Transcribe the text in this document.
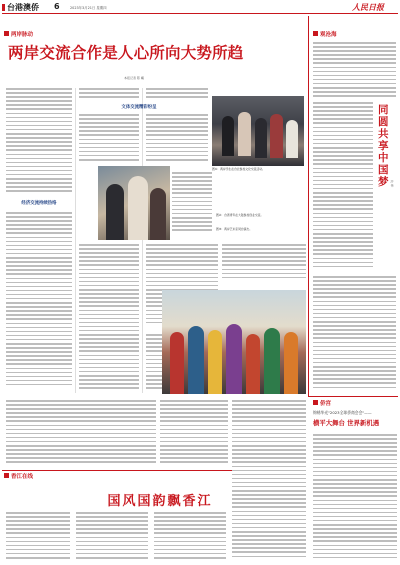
台港澳侨 6	2023年3月21日 星期四	人民日报
两岸脉动
两岸交流合作是人心所向大势所趋
本报记者 陈 曦
经济交流持续热络
文体交流精彩纷呈
图①：两岸学生在台北参加文化交流活动。
图②：台湾青年在大陆参加创业交流。
图③：两岸艺术家同台演出。
观沧海
同圆共享中国梦 沙 伟
侨宫
锦绣华光"2023全球侨商会会"——
横平大舞台 世界新机遇
香江在线
国风国韵飘香江
